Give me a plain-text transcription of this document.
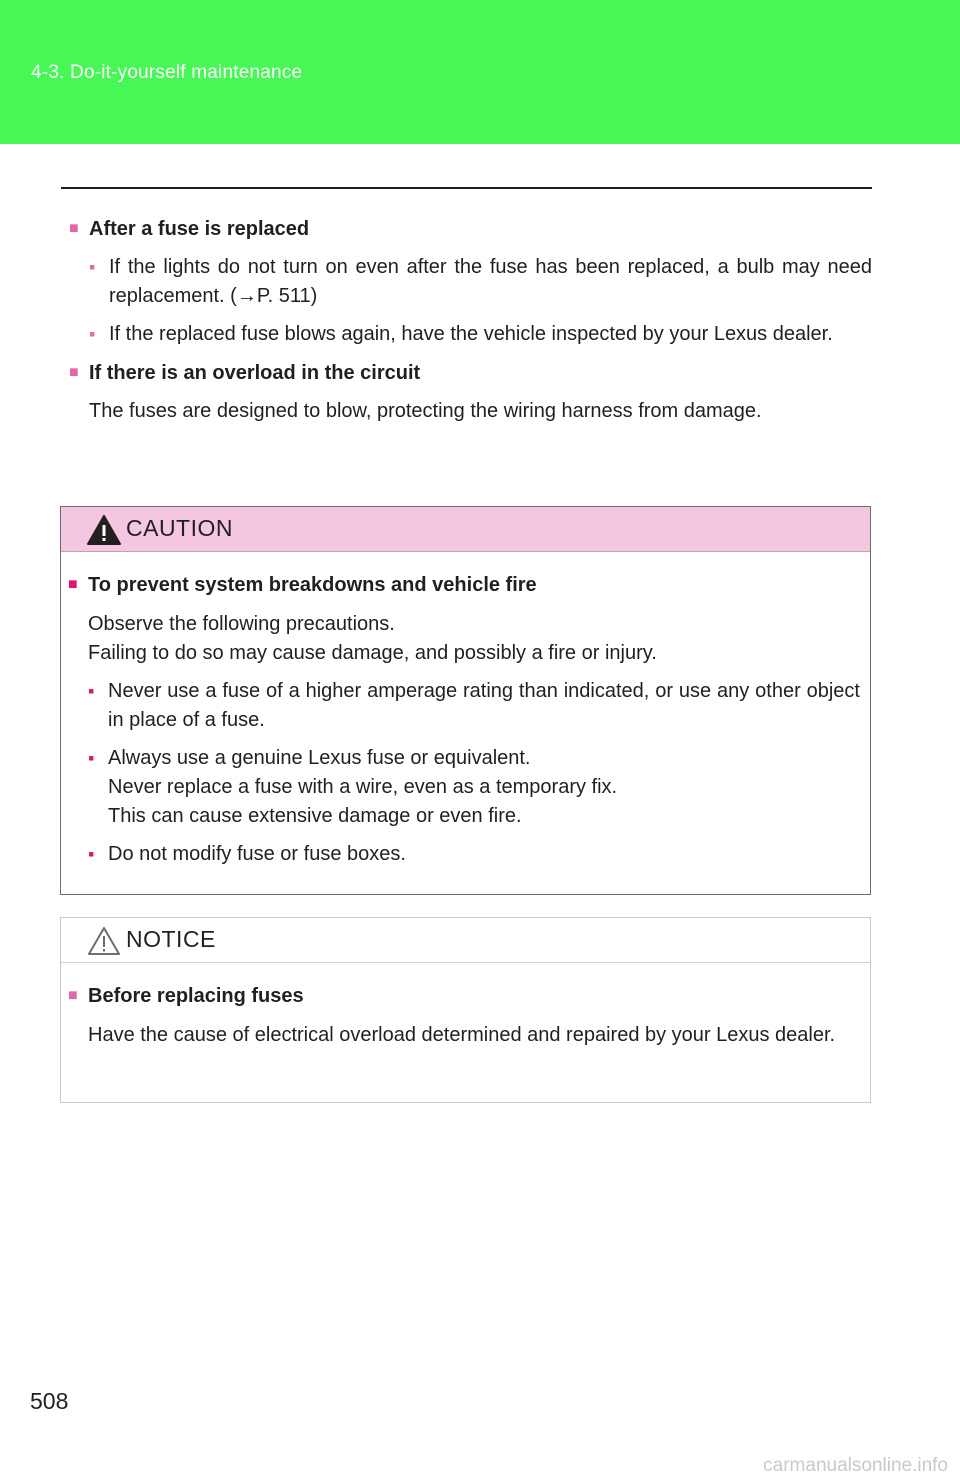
4-3. Do-it-yourself maintenance
■ After a fuse is replaced
▪ If the lights do not turn on even after the fuse has been replaced, a bulb may need replacement. (→P. 511)
▪ If the replaced fuse blows again, have the vehicle inspected by your Lexus dealer.
■ If there is an overload in the circuit
The fuses are designed to blow, protecting the wiring harness from damage.
CAUTION
■ To prevent system breakdowns and vehicle fire
Observe the following precautions.
Failing to do so may cause damage, and possibly a fire or injury.
▪ Never use a fuse of a higher amperage rating than indicated, or use any other object in place of a fuse.
▪ Always use a genuine Lexus fuse or equivalent.
Never replace a fuse with a wire, even as a temporary fix.
This can cause extensive damage or even fire.
▪ Do not modify fuse or fuse boxes.
NOTICE
■ Before replacing fuses
Have the cause of electrical overload determined and repaired by your Lexus dealer.
508
carmanualsonline.info
